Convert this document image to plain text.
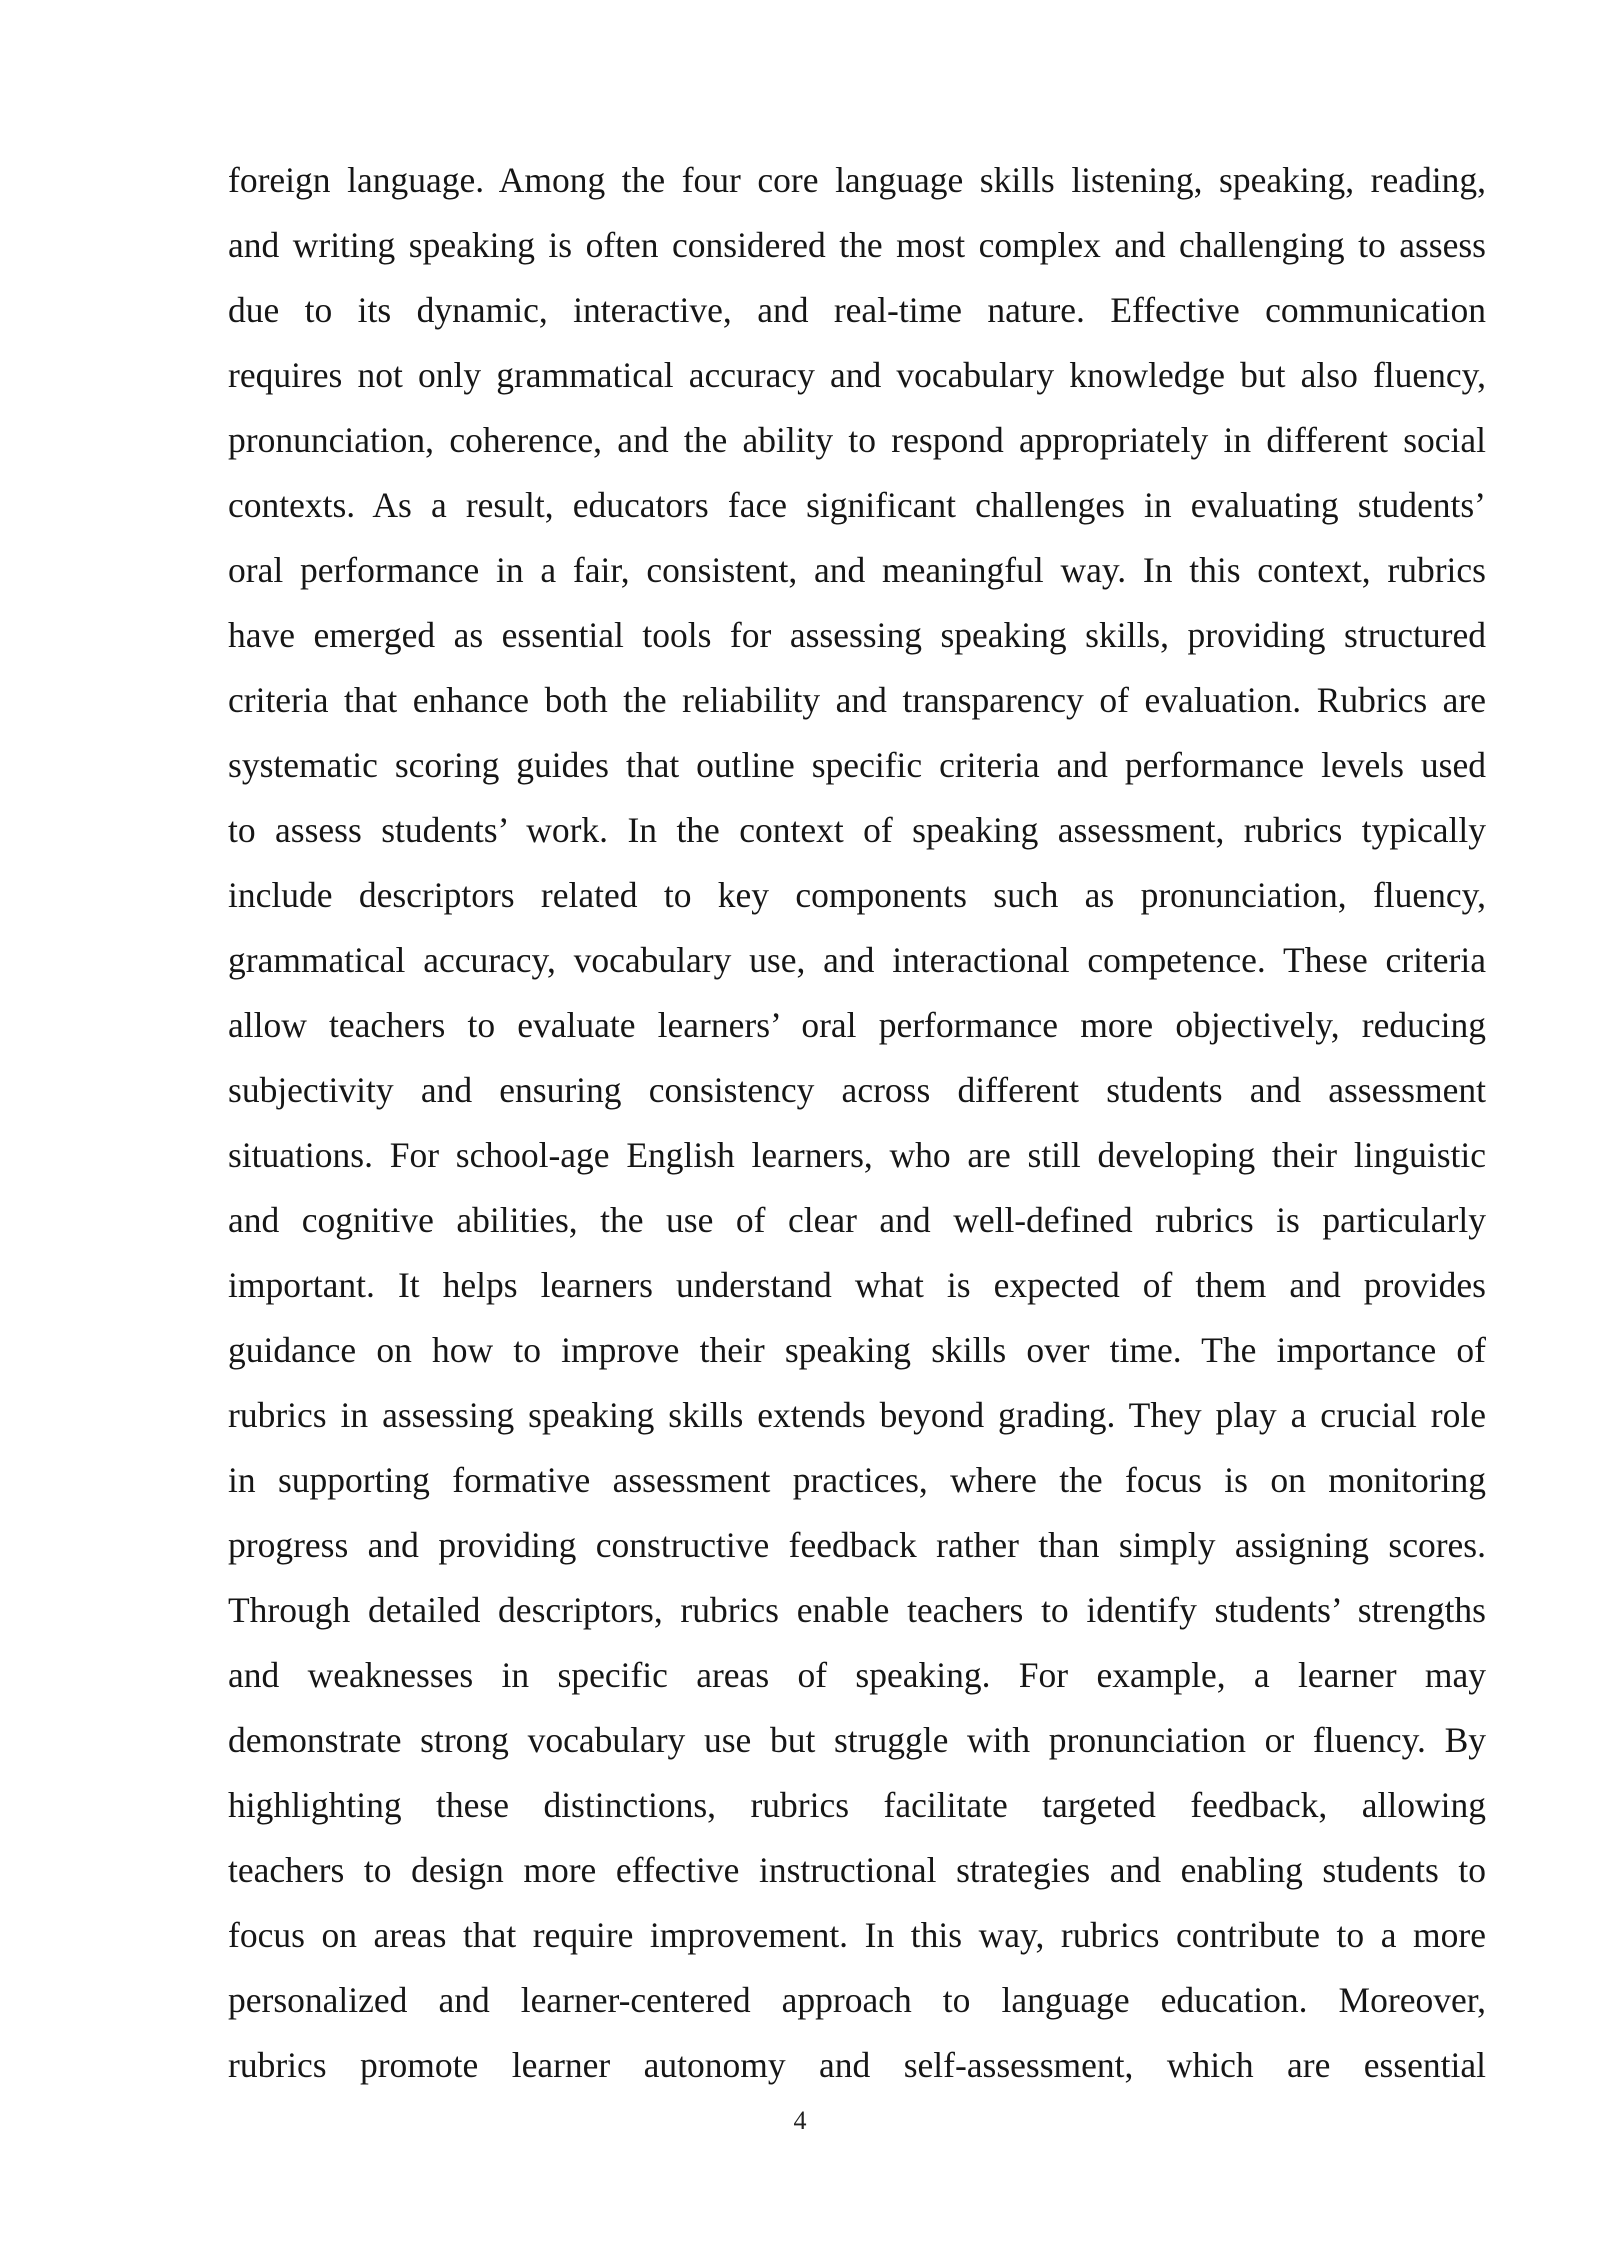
foreign language. Among the four core language skills listening, speaking, reading,
and writing speaking is often considered the most complex and challenging to assess
due to its dynamic, interactive, and real-time nature. Effective communication
requires not only grammatical accuracy and vocabulary knowledge but also fluency,
pronunciation, coherence, and the ability to respond appropriately in different social
contexts. As a result, educators face significant challenges in evaluating students’
oral performance in a fair, consistent, and meaningful way. In this context, rubrics
have emerged as essential tools for assessing speaking skills, providing structured
criteria that enhance both the reliability and transparency of evaluation. Rubrics are
systematic scoring guides that outline specific criteria and performance levels used
to assess students’ work. In the context of speaking assessment, rubrics typically
include descriptors related to key components such as pronunciation, fluency,
grammatical accuracy, vocabulary use, and interactional competence. These criteria
allow teachers to evaluate learners’ oral performance more objectively, reducing
subjectivity and ensuring consistency across different students and assessment
situations. For school-age English learners, who are still developing their linguistic
and cognitive abilities, the use of clear and well-defined rubrics is particularly
important. It helps learners understand what is expected of them and provides
guidance on how to improve their speaking skills over time. The importance of
rubrics in assessing speaking skills extends beyond grading. They play a crucial role
in supporting formative assessment practices, where the focus is on monitoring
progress and providing constructive feedback rather than simply assigning scores.
Through detailed descriptors, rubrics enable teachers to identify students’ strengths
and weaknesses in specific areas of speaking. For example, a learner may
demonstrate strong vocabulary use but struggle with pronunciation or fluency. By
highlighting these distinctions, rubrics facilitate targeted feedback, allowing
teachers to design more effective instructional strategies and enabling students to
focus on areas that require improvement. In this way, rubrics contribute to a more
personalized and learner-centered approach to language education. Moreover,
rubrics promote learner autonomy and self-assessment, which are essential

4
